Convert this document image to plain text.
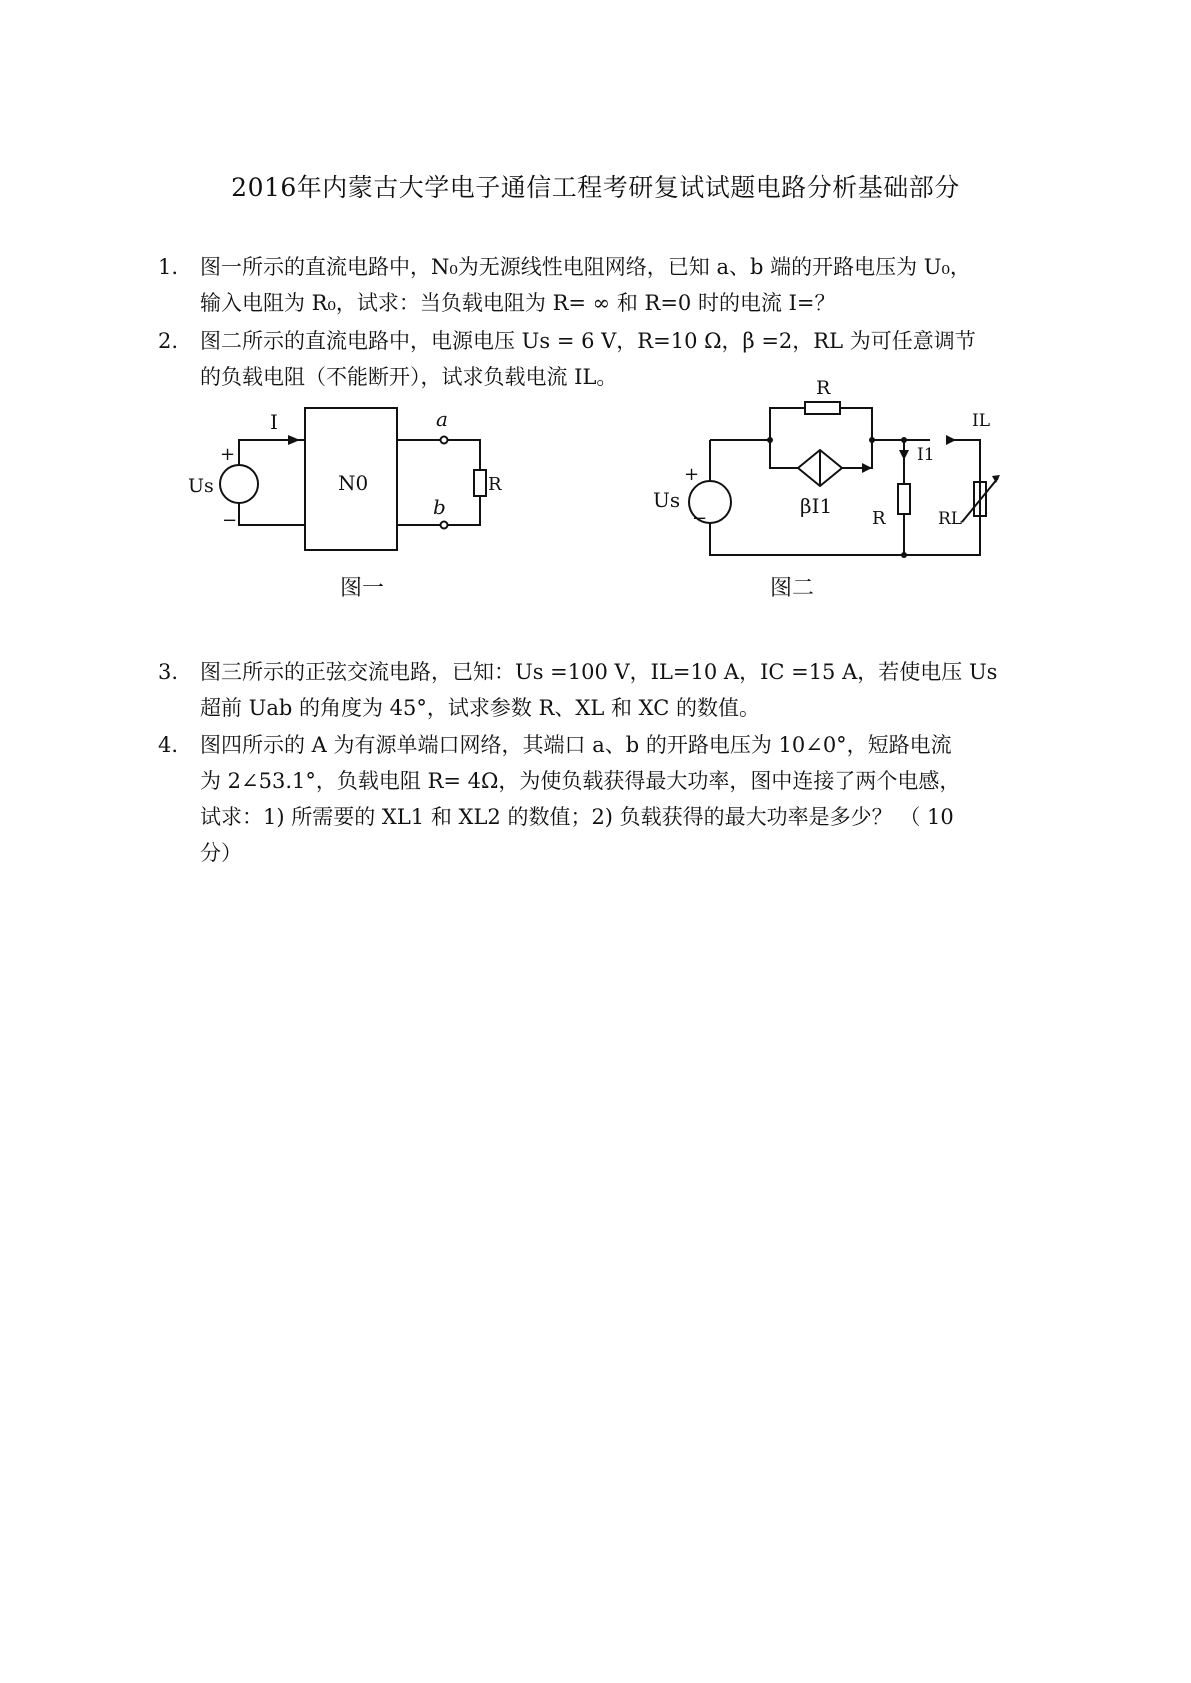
2016年内蒙古大学电子通信工程考研复试试题电路分析基础部分
1.	图一所示的直流电路中，N₀为无源线性电阻网络，已知 a、b 端的开路电压为 U₀，
输入电阻为 R₀，试求：当负载电阻为 R= ∞ 和 R=0 时的电流 I=？
2.	图二所示的直流电路中，电源电压 Us = 6 V，R=10 Ω，β =2，RL 为可任意调节
的负载电阻（不能断开），试求负载电流 IL。
I
+
−
Us	N0
a
b
R
图一
R
+
−
Us	βI1
I1
IL
R	RL
图二
3.	图三所示的正弦交流电路，已知：Us =100 V，IL=10 A，IC =15 A，若使电压 Us
超前 Uab 的角度为 45°，试求参数 R、XL 和 XC 的数值。
4.	图四所示的 A 为有源单端口网络，其端口 a、b 的开路电压为 10∠0°，短路电流
为 2∠53.1°，负载电阻 R= 4Ω，为使负载获得最大功率，图中连接了两个电感，
试求：1) 所需要的 XL1 和 XL2 的数值；2) 负载获得的最大功率是多少？ （ 10
分）
